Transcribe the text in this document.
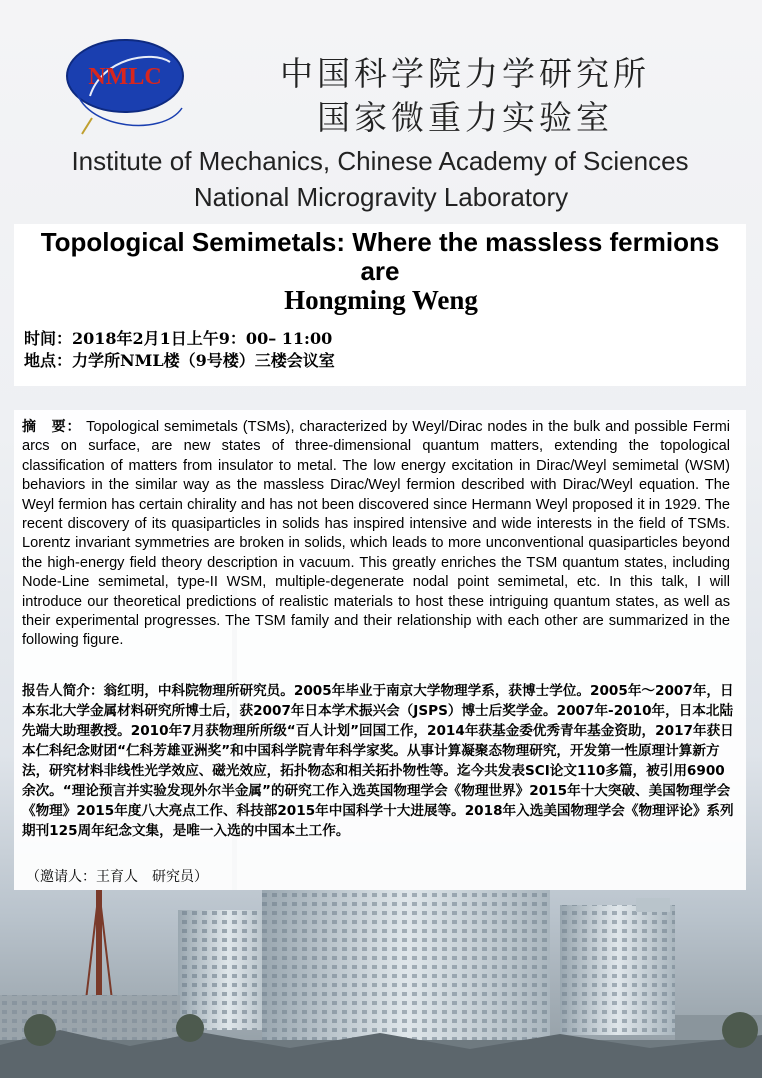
NMLC	中国科学院力学研究所
国家微重力实验室
Institute of Mechanics, Chinese Academy of Sciences
National Microgravity Laboratory
Topological Semimetals: Where the massless fermions are
Hongming Weng
时间：2018年2月1日上午9：00– 11:00
地点：力学所NML楼（9号楼）三楼会议室
摘　要： Topological semimetals (TSMs), characterized by Weyl/Dirac nodes in the bulk and possible Fermi arcs on surface, are new states of three-dimensional quantum matters, extending the topological classification of matters from insulator to metal. The low energy excitation in Dirac/Weyl semimetal (WSM) behaviors in the similar way as the massless Dirac/Weyl fermion described with Dirac/Weyl equation. The Weyl fermion has certain chirality and has not been discovered since Hermann Weyl proposed it in 1929. The recent discovery of its quasiparticles in solids has inspired intensive and wide interests in the field of TSMs. Lorentz invariant symmetries are broken in solids, which leads to more unconventional quasiparticles beyond the high-energy field theory description in vacuum. This greatly enriches the TSM quantum states, including Node-Line semimetal, type-II WSM, multiple-degenerate nodal point semimetal, etc. In this talk, I will introduce our theoretical predictions of realistic materials to host these intriguing quantum states, as well as their experimental progresses. The TSM family and their relationship with each other are summarized in the following figure.
报告人简介：翁红明，中科院物理所研究员。2005年毕业于南京大学物理学系，获博士学位。2005年～2007年，日本东北大学金属材料研究所博士后，获2007年日本学术振兴会（JSPS）博士后奖学金。2007年-2010年，日本北陆先端大助理教授。2010年7月获物理所所级“百人计划”回国工作，2014年获基金委优秀青年基金资助，2017年获日本仁科纪念财团“仁科芳雄亚洲奖”和中国科学院青年科学家奖。从事计算凝聚态物理研究，开发第一性原理计算新方法，研究材料非线性光学效应、磁光效应，拓扑物态和相关拓扑物性等。迄今共发表SCI论文110多篇，被引用6900余次。“理论预言并实验发现外尔半金属”的研究工作入选英国物理学会《物理世界》2015年十大突破、美国物理学会《物理》2015年度八大亮点工作、科技部2015年中国科学十大进展等。2018年入选美国物理学会《物理评论》系列期刊125周年纪念文集，是唯一入选的中国本土工作。
（邀请人：王育人　研究员）
